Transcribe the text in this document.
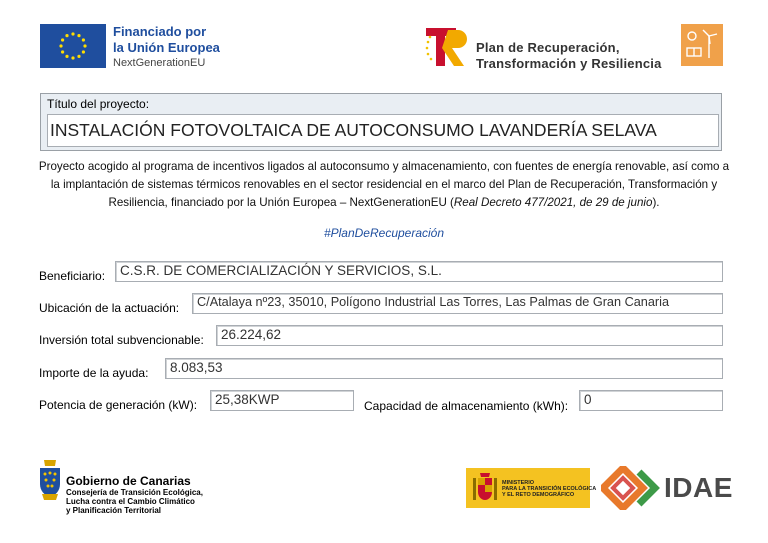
Financiado por
la Unión Europea
NextGenerationEU
Plan de Recuperación,
Transformación y Resiliencia
Título del proyecto:
INSTALACIÓN FOTOVOLTAICA DE AUTOCONSUMO LAVANDERÍA SELAVA
Proyecto acogido al programa de incentivos ligados al autoconsumo y almacenamiento, con fuentes de energía renovable, así como a la implantación de sistemas térmicos renovables en el sector residencial en el marco del Plan de Recuperación, Transformación y Resiliencia, financiado por la Unión Europea – NextGenerationEU (Real Decreto 477/2021, de 29 de junio).
#PlanDeRecuperación
Beneficiario:	C.S.R. DE COMERCIALIZACIÓN Y SERVICIOS, S.L.
Ubicación de la actuación:	C/Atalaya nº23, 35010, Polígono Industrial Las Torres, Las Palmas de Gran Canaria
Inversión total subvencionable:	26.224,62
Importe de la ayuda:	8.083,53
Potencia de generación (kW):	25,38KWP	Capacidad de almacenamiento (kWh):	0
Gobierno de Canarias
Consejería de Transición Ecológica,
Lucha contra el Cambio Climático
y Planificación Territorial
MINISTERIO
PARA LA TRANSICIÓN ECOLÓGICA
Y EL RETO DEMOGRÁFICO	IDAE
